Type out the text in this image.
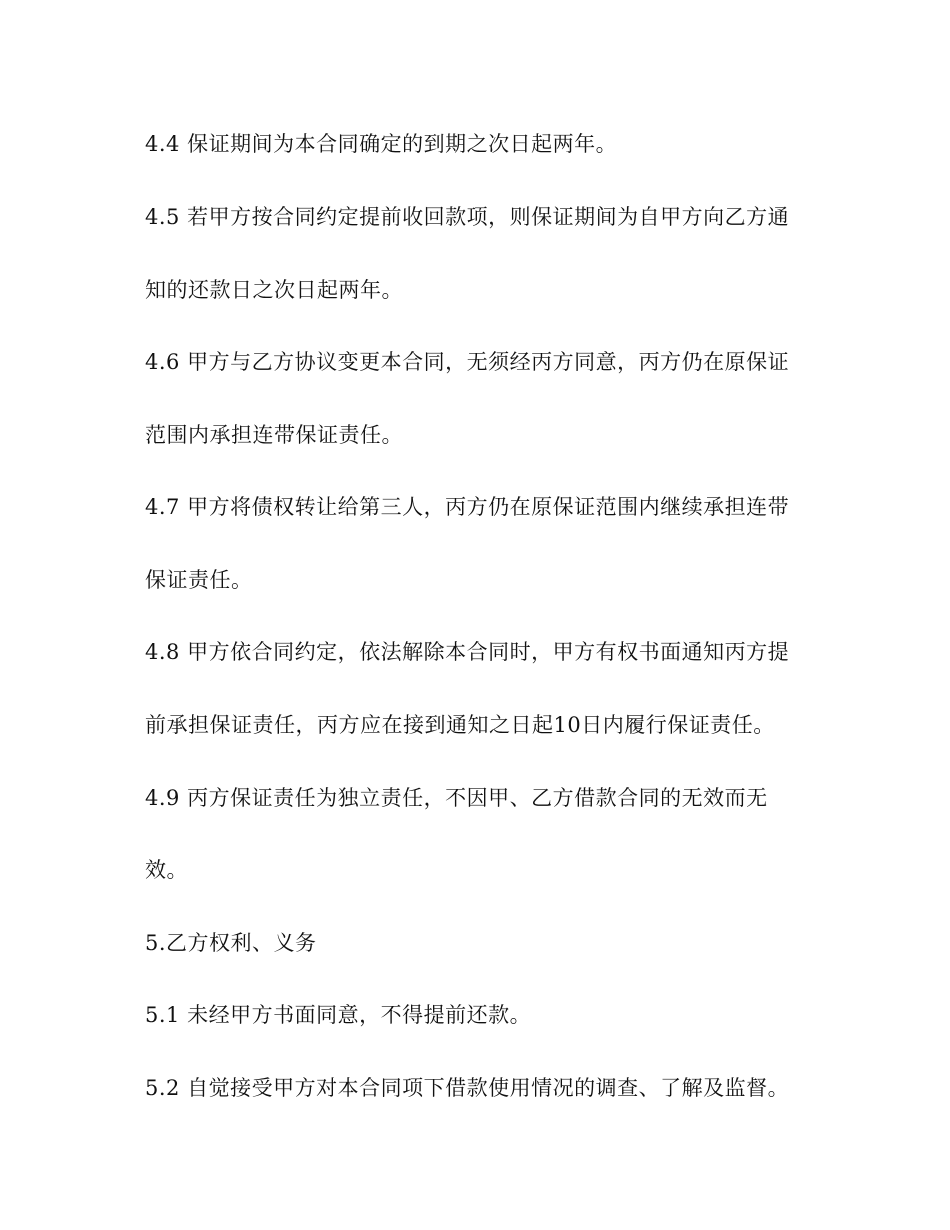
4.4 保证期间为本合同确定的到期之次日起两年。
4.5 若甲方按合同约定提前收回款项，则保证期间为自甲方向乙方通
知的还款日之次日起两年。
4.6 甲方与乙方协议变更本合同，无须经丙方同意，丙方仍在原保证
范围内承担连带保证责任。
4.7 甲方将债权转让给第三人，丙方仍在原保证范围内继续承担连带
保证责任。
4.8 甲方依合同约定，依法解除本合同时，甲方有权书面通知丙方提
前承担保证责任，丙方应在接到通知之日起10日内履行保证责任。
4.9 丙方保证责任为独立责任，不因甲、乙方借款合同的无效而无
效。
5.乙方权利、义务
5.1 未经甲方书面同意，不得提前还款。
5.2 自觉接受甲方对本合同项下借款使用情况的调查、了解及监督。
